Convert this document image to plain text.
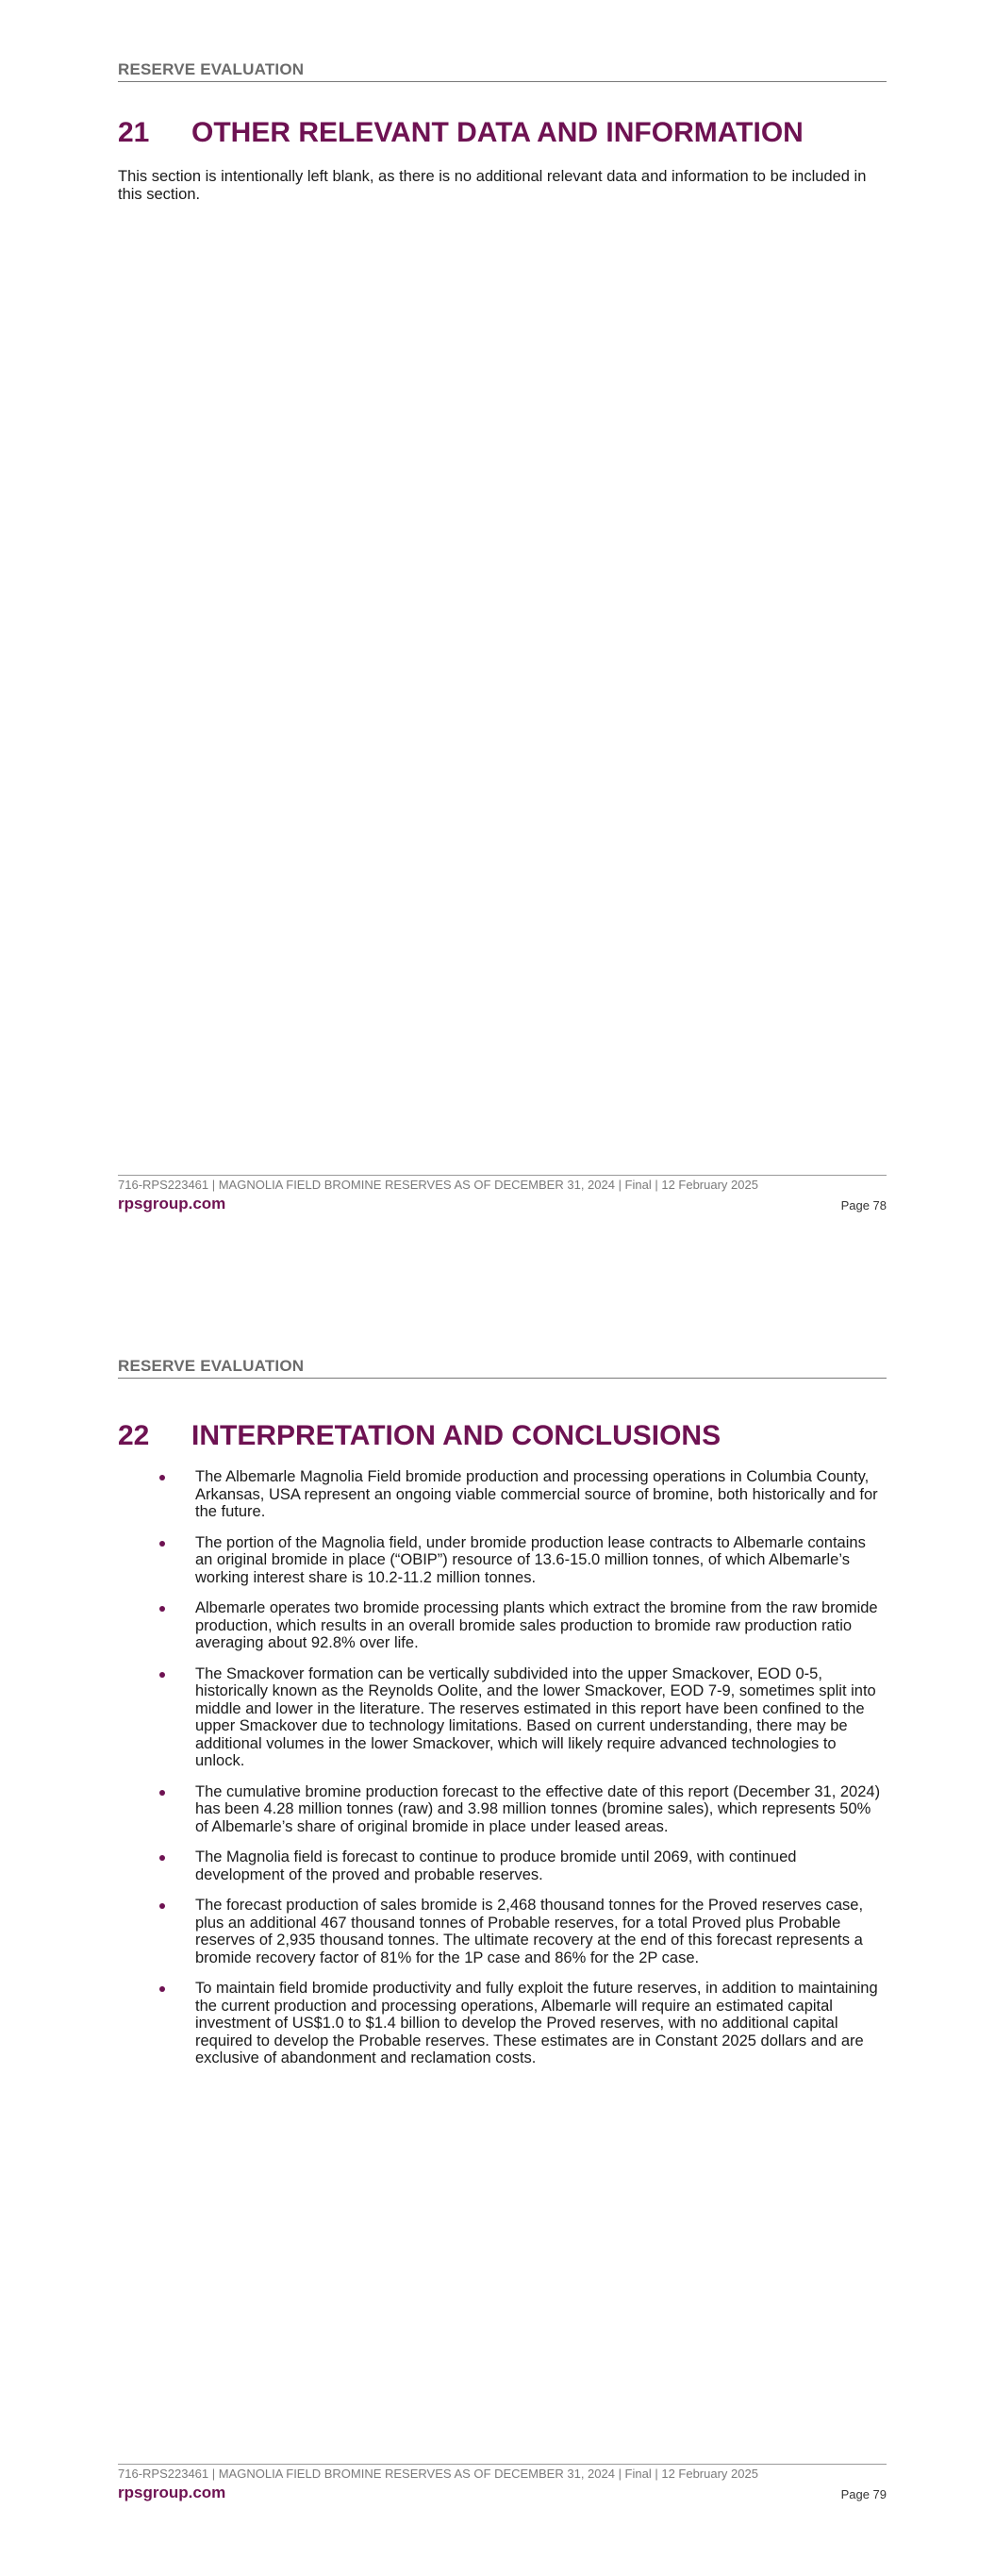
RESERVE EVALUATION
21 OTHER RELEVANT DATA AND INFORMATION
This section is intentionally left blank, as there is no additional relevant data and information to be included in this section.
716-RPS223461 | MAGNOLIA FIELD BROMINE RESERVES AS OF DECEMBER 31, 2024 | Final | 12 February 2025
rpsgroup.com	Page 78
RESERVE EVALUATION
22 INTERPRETATION AND CONCLUSIONS
The Albemarle Magnolia Field bromide production and processing operations in Columbia County, Arkansas, USA represent an ongoing viable commercial source of bromine, both historically and for the future.
The portion of the Magnolia field, under bromide production lease contracts to Albemarle contains an original bromide in place (“OBIP”) resource of 13.6-15.0 million tonnes, of which Albemarle’s working interest share is 10.2-11.2 million tonnes.
Albemarle operates two bromide processing plants which extract the bromine from the raw bromide production, which results in an overall bromide sales production to bromide raw production ratio averaging about 92.8% over life.
The Smackover formation can be vertically subdivided into the upper Smackover, EOD 0-5, historically known as the Reynolds Oolite, and the lower Smackover, EOD 7-9, sometimes split into middle and lower in the literature. The reserves estimated in this report have been confined to the upper Smackover due to technology limitations. Based on current understanding, there may be additional volumes in the lower Smackover, which will likely require advanced technologies to unlock.
The cumulative bromine production forecast to the effective date of this report (December 31, 2024) has been 4.28 million tonnes (raw) and 3.98 million tonnes (bromine sales), which represents 50% of Albemarle’s share of original bromide in place under leased areas.
The Magnolia field is forecast to continue to produce bromide until 2069, with continued development of the proved and probable reserves.
The forecast production of sales bromide is 2,468 thousand tonnes for the Proved reserves case, plus an additional 467 thousand tonnes of Probable reserves, for a total Proved plus Probable reserves of 2,935 thousand tonnes. The ultimate recovery at the end of this forecast represents a bromide recovery factor of 81% for the 1P case and 86% for the 2P case.
To maintain field bromide productivity and fully exploit the future reserves, in addition to maintaining the current production and processing operations, Albemarle will require an estimated capital investment of US$1.0 to $1.4 billion to develop the Proved reserves, with no additional capital required to develop the Probable reserves. These estimates are in Constant 2025 dollars and are exclusive of abandonment and reclamation costs.
716-RPS223461 | MAGNOLIA FIELD BROMINE RESERVES AS OF DECEMBER 31, 2024 | Final | 12 February 2025
rpsgroup.com	Page 79
